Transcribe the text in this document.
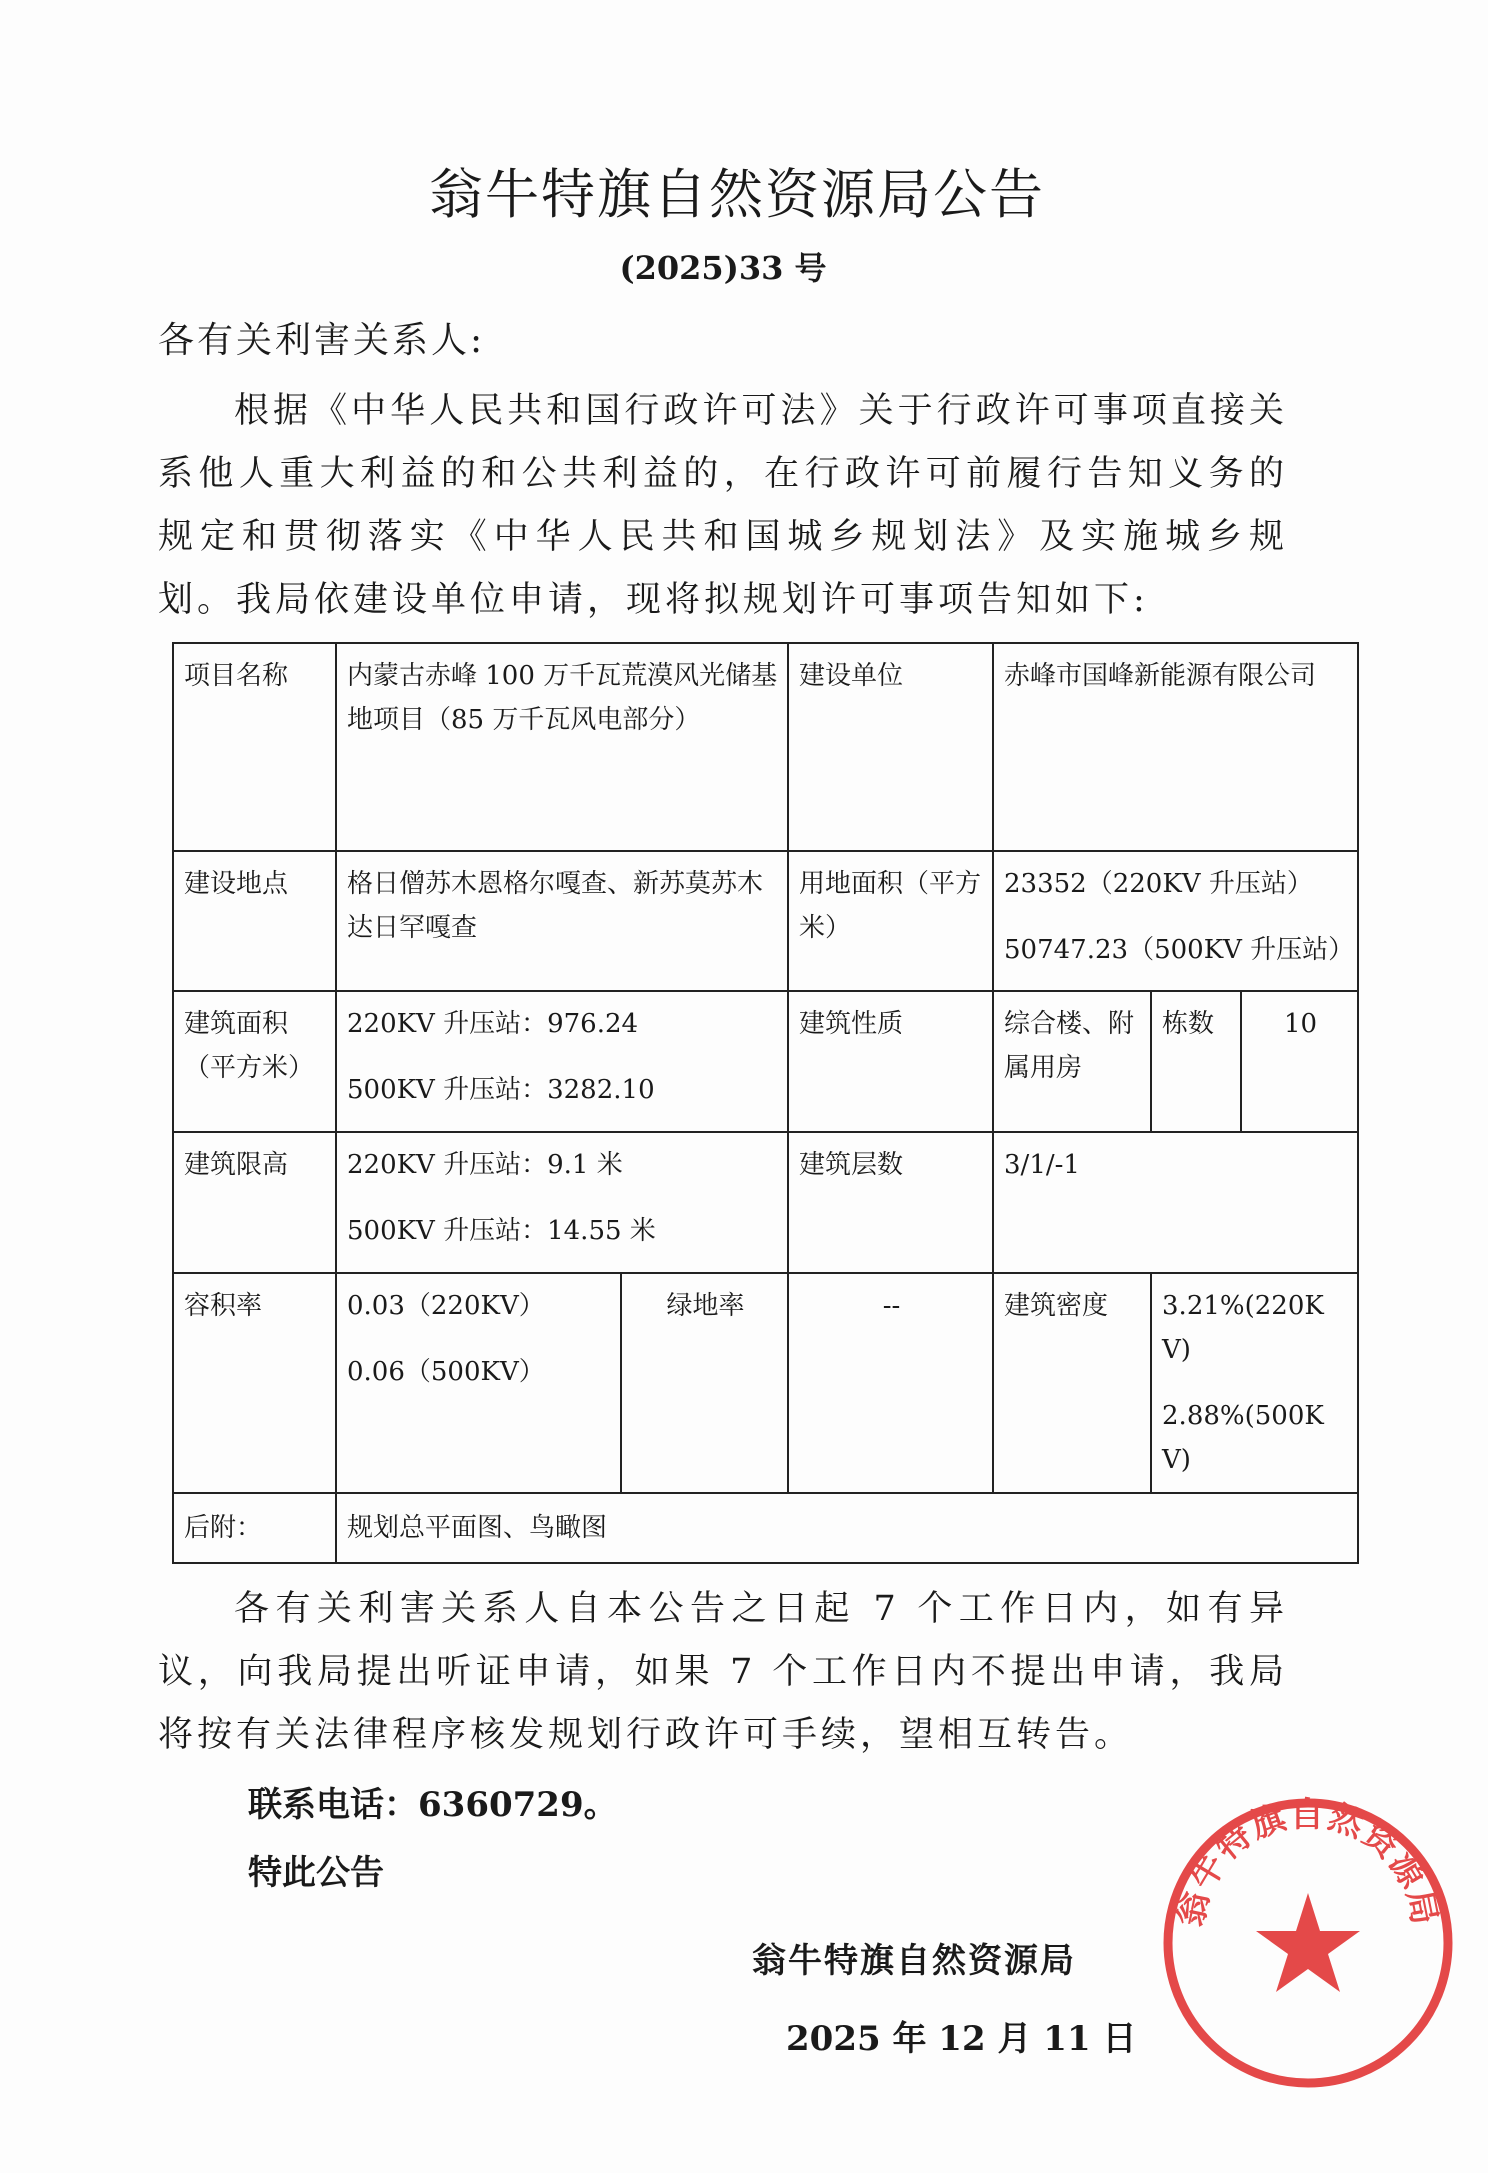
翁牛特旗自然资源局公告
(2025)33 号
各有关利害关系人:
根据《中华人民共和国行政许可法》关于行政许可事项直接关系他人重大利益的和公共利益的，在行政许可前履行告知义务的规定和贯彻落实《中华人民共和国城乡规划法》及实施城乡规划。我局依建设单位申请，现将拟规划许可事项告知如下:
项目名称	内蒙古赤峰 100 万千瓦荒漠风光储基地项目（85 万千瓦风电部分）		建设单位	赤峰市国峰新能源有限公司		

建设地点	格日僧苏木恩格尔嘎查、新苏莫苏木达日罕嘎查		用地面积（平方米）	23352（220KV 升压站）
50747.23（500KV 升压站）		

建筑面积（平方米）	220KV 升压站：976.24
500KV 升压站：3282.10		建筑性质	综合楼、附属用房	栋数	10

建筑限高	220KV 升压站：9.1 米
500KV 升压站：14.55 米		建筑层数	3/1/-1		

容积率	0.03（220KV）
0.06（500KV）	绿地率	--	建筑密度	3.21%(220KV)
2.88%(500KV)	

后附：	规划总平面图、鸟瞰图					
各有关利害关系人自本公告之日起 7 个工作日内，如有异议，向我局提出听证申请，如果 7 个工作日内不提出申请，我局将按有关法律程序核发规划行政许可手续，望相互转告。
联系电话：6360729。
特此公告
翁牛特旗自然资源局
2025 年 12 月 11 日
翁牛特旗自然资源局
